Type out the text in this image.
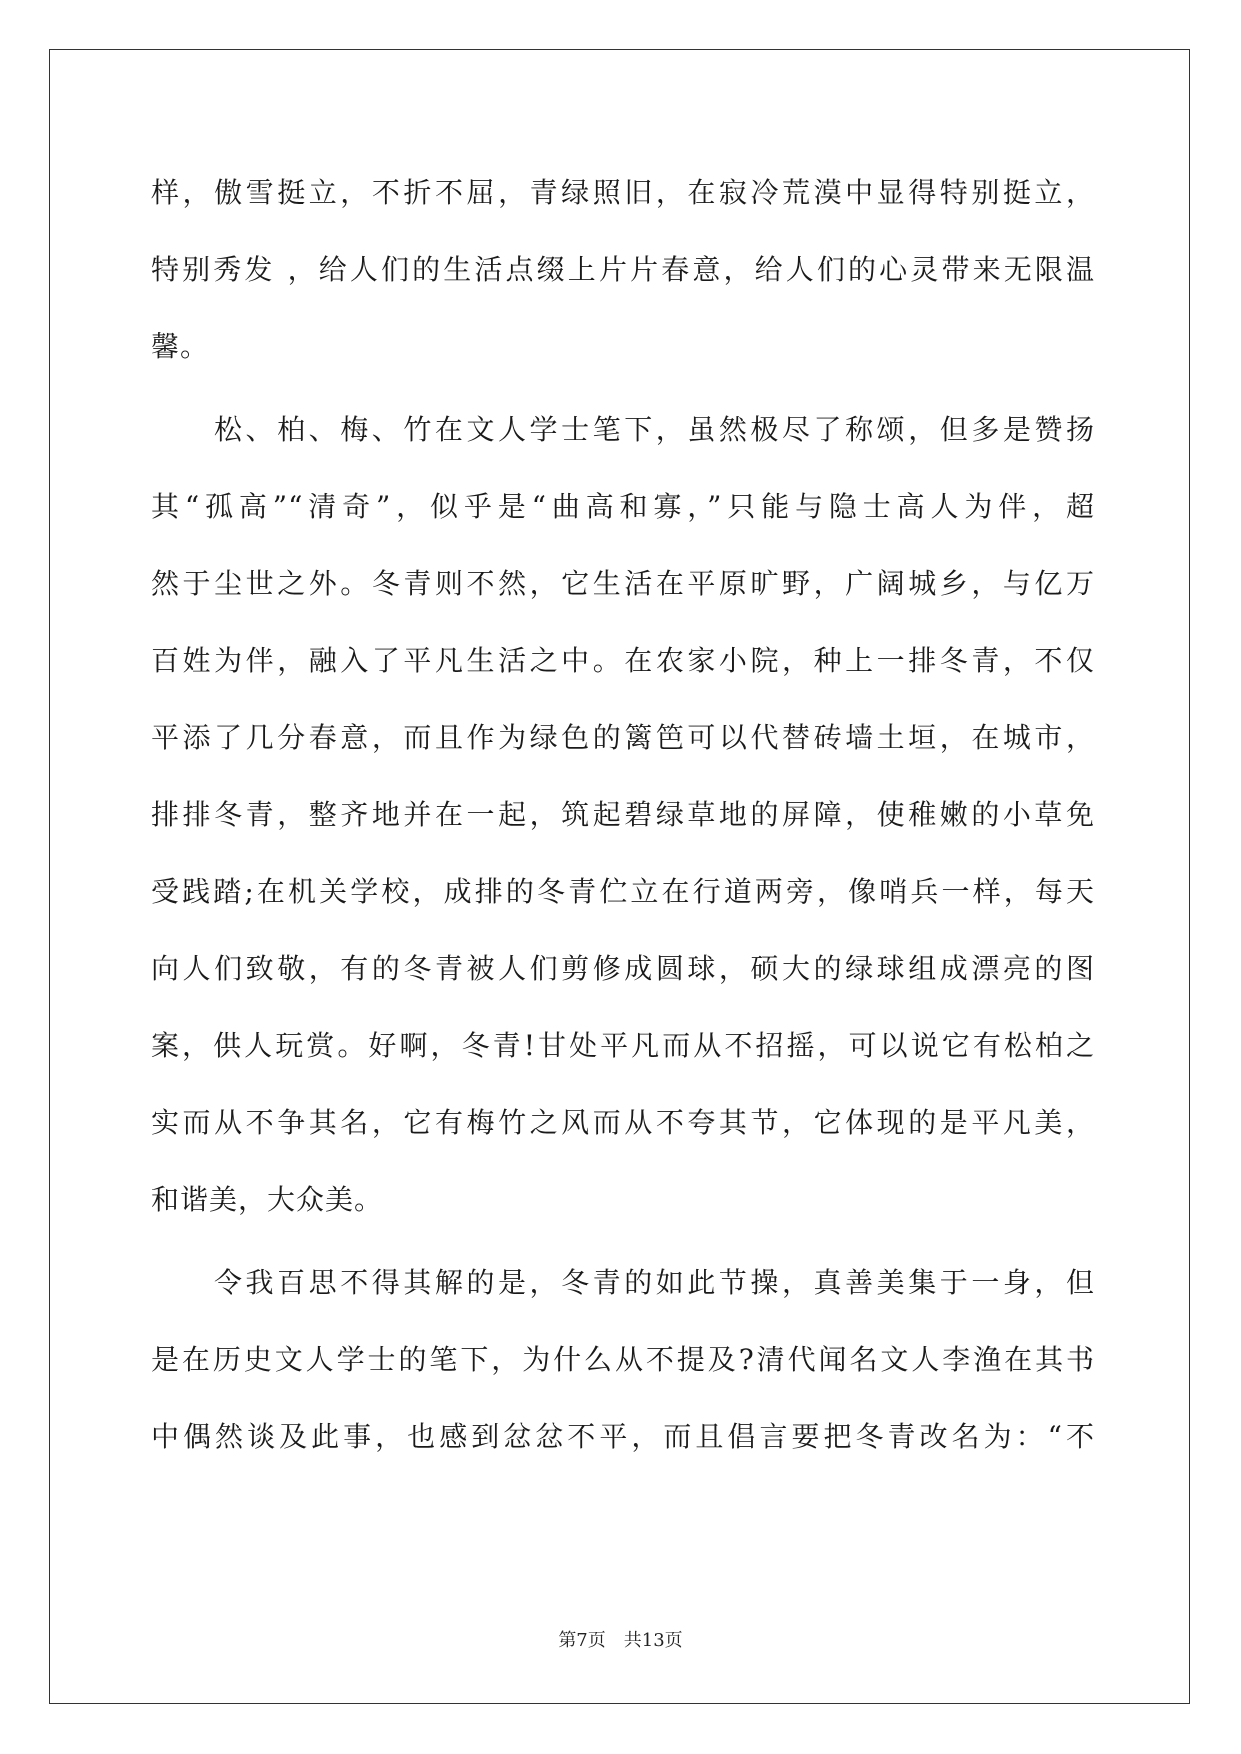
样，傲雪挺立，不折不屈，青绿照旧，在寂冷荒漠中显得特别挺立，
特别秀发 ，给人们的生活点缀上片片春意，给人们的心灵带来无限温
馨。
松、柏、梅、竹在文人学士笔下，虽然极尽了称颂，但多是赞扬
其“孤高”“清奇”，似乎是“曲高和寡，”只能与隐士高人为伴，超
然于尘世之外。冬青则不然，它生活在平原旷野，广阔城乡，与亿万
百姓为伴，融入了平凡生活之中。在农家小院，种上一排冬青，不仅
平添了几分春意，而且作为绿色的篱笆可以代替砖墙土垣，在城市，
排排冬青，整齐地并在一起，筑起碧绿草地的屏障，使稚嫩的小草免
受践踏;在机关学校，成排的冬青伫立在行道两旁，像哨兵一样，每天
向人们致敬，有的冬青被人们剪修成圆球，硕大的绿球组成漂亮的图
案，供人玩赏。好啊，冬青!甘处平凡而从不招摇，可以说它有松柏之
实而从不争其名，它有梅竹之风而从不夸其节，它体现的是平凡美，
和谐美，大众美。
令我百思不得其解的是，冬青的如此节操，真善美集于一身，但
是在历史文人学士的笔下，为什么从不提及?清代闻名文人李渔在其书
中偶然谈及此事，也感到忿忿不平，而且倡言要把冬青改名为：“不
第7页 共13页
